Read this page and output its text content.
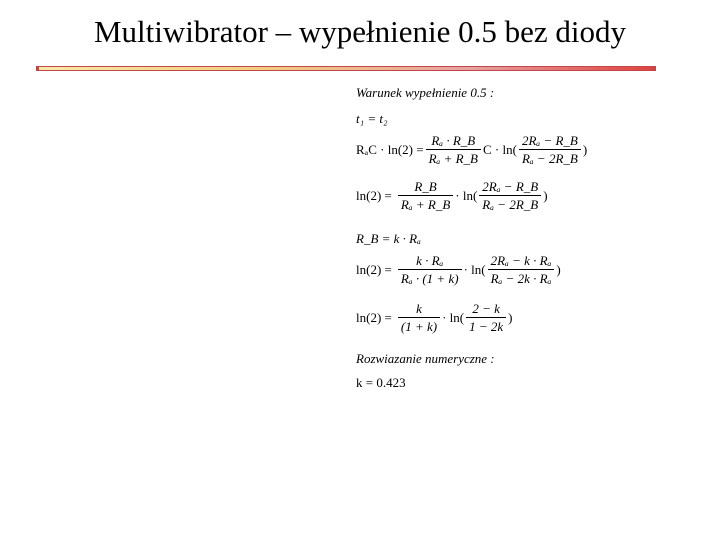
Multiwibrator – wypełnienie 0.5 bez diody
Warunek wypełnienie 0.5 :
t₁ = t₂
$R_aC \cdot \ln(2) = \frac{\text{Rₐ · R\_B}}{\text{Rₐ + R\_B}}$ $C \cdot \ln( \frac{\text{2Rₐ − R\_B}}{\text{Rₐ − 2R\_B}}$ )
$\ln(2) = \frac{R\_B}{\text{Rₐ + R\_B}} \cdot \ln( \frac{\text{2Rₐ − R\_B}}{\text{Rₐ − 2R\_B}}$ )
R_B = k · Rₐ
$\ln(2) = \frac{\text{k · Rₐ}}{\text{Rₐ · (1 + k)}} \cdot \ln( \frac{\text{2Rₐ − k · Rₐ}}{\text{Rₐ − 2k · Rₐ}}$ )
$\ln(2) = \frac{k}{(1 + k)} \cdot \ln( \frac{2 - k}{1 - 2k}$ )
Rozwiazanie numeryczne :
k = 0.423
